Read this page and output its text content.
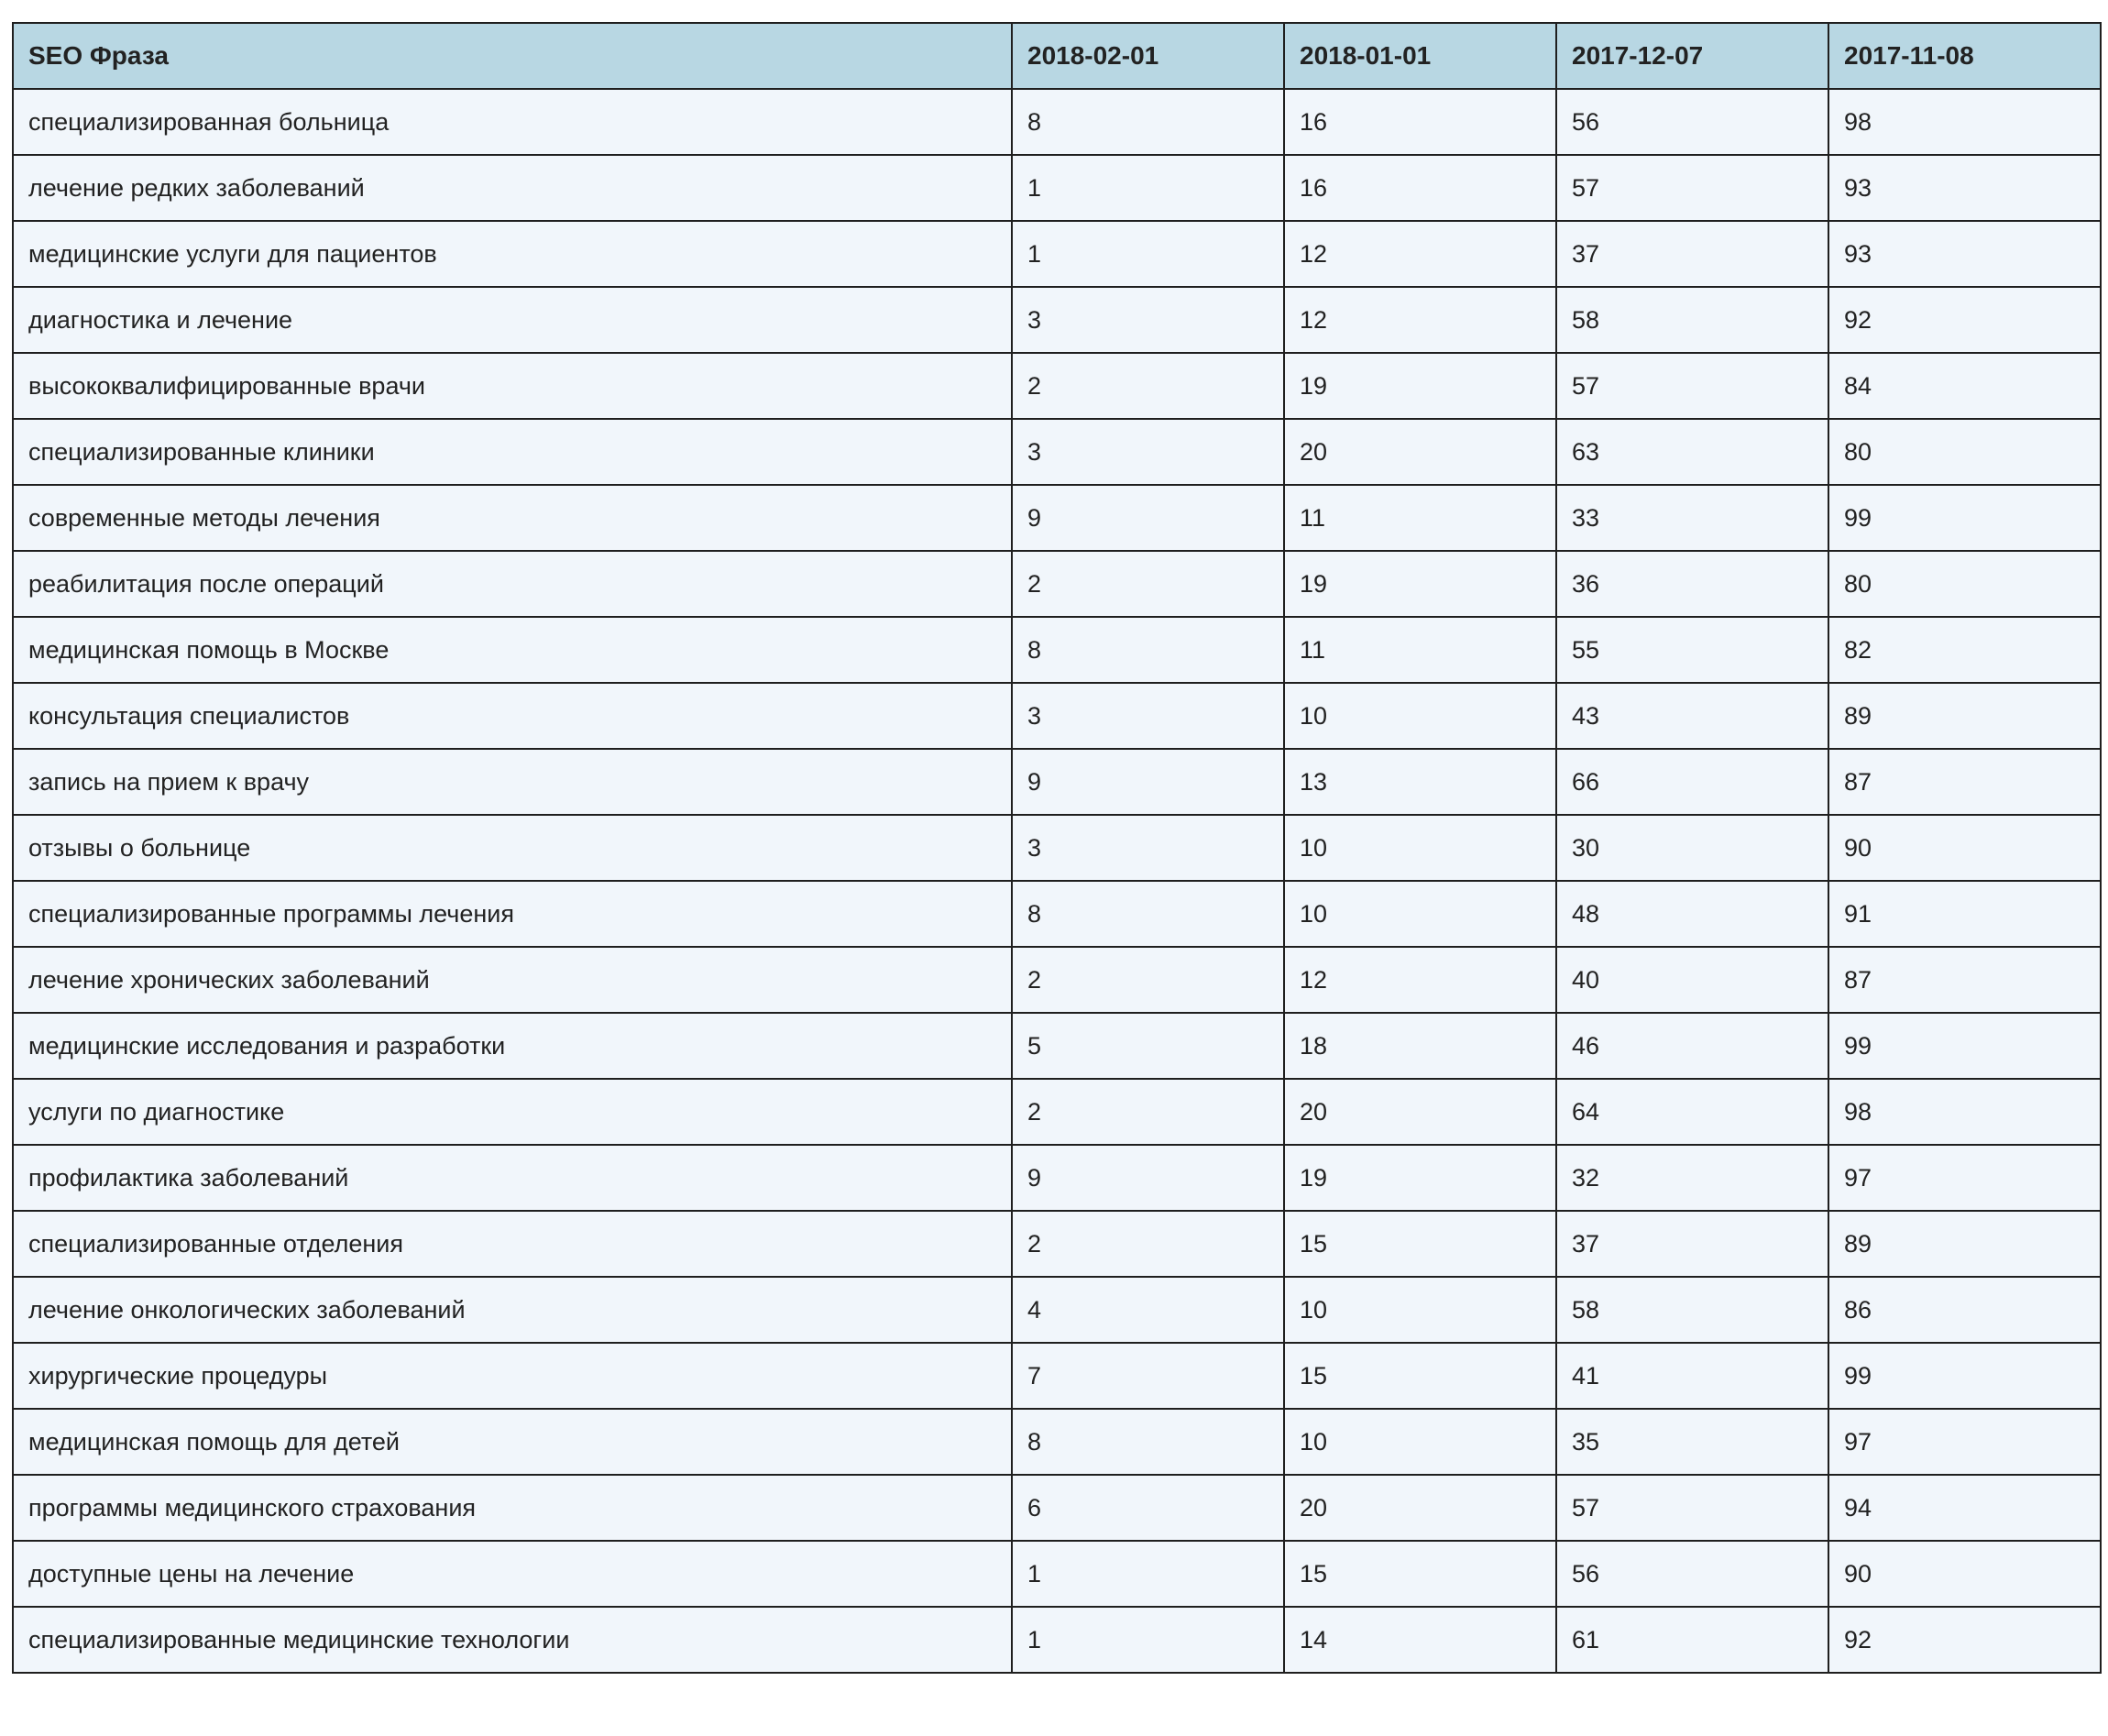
SEO Фраза	2018-02-01	2018-01-01	2017-12-07	2017-11-08
специализированная больница	8	16	56	98
лечение редких заболеваний	1	16	57	93
медицинские услуги для пациентов	1	12	37	93
диагностика и лечение	3	12	58	92
высококвалифицированные врачи	2	19	57	84
специализированные клиники	3	20	63	80
современные методы лечения	9	11	33	99
реабилитация после операций	2	19	36	80
медицинская помощь в Москве	8	11	55	82
консультация специалистов	3	10	43	89
запись на прием к врачу	9	13	66	87
отзывы о больнице	3	10	30	90
специализированные программы лечения	8	10	48	91
лечение хронических заболеваний	2	12	40	87
медицинские исследования и разработки	5	18	46	99
услуги по диагностике	2	20	64	98
профилактика заболеваний	9	19	32	97
специализированные отделения	2	15	37	89
лечение онкологических заболеваний	4	10	58	86
хирургические процедуры	7	15	41	99
медицинская помощь для детей	8	10	35	97
программы медицинского страхования	6	20	57	94
доступные цены на лечение	1	15	56	90
специализированные медицинские технологии	1	14	61	92
